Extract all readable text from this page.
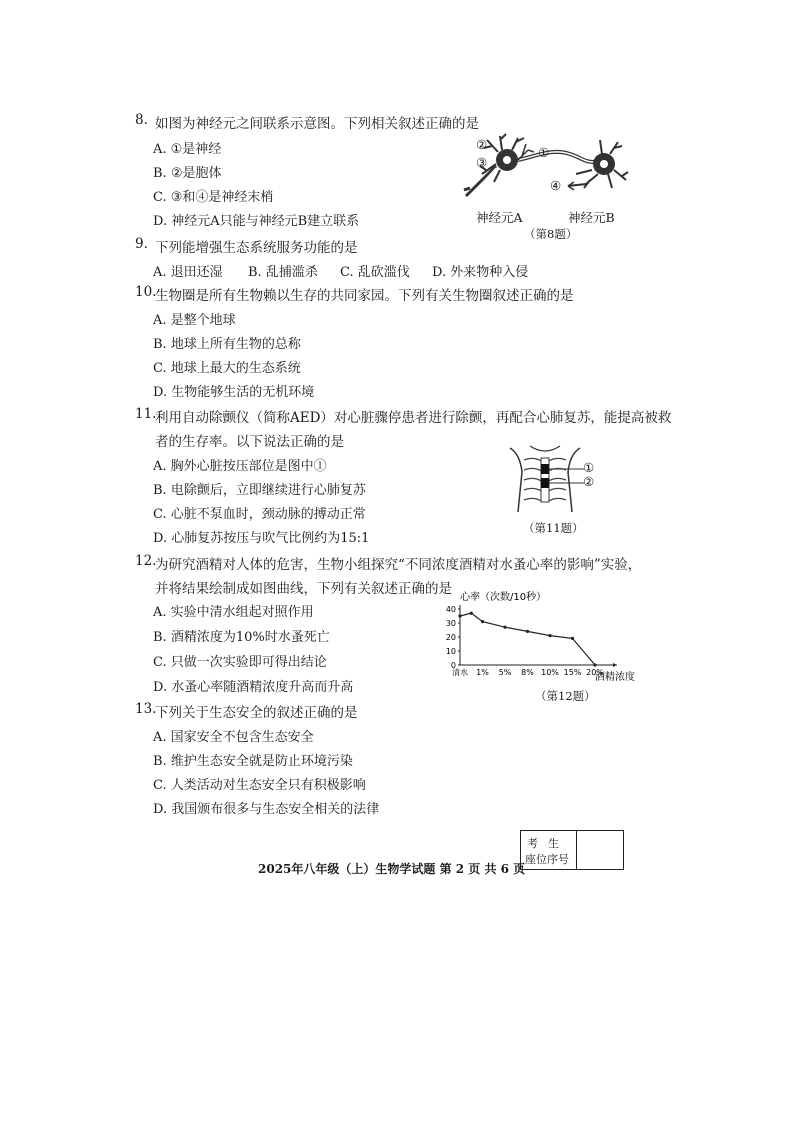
8. 如图为神经元之间联系示意图。下列相关叙述正确的是
A. ①是神经
B. ②是胞体
C. ③和④是神经末梢
D. 神经元A只能与神经元B建立联系
②
③
①
④
神经元A	神经元B
（第8题）
9. 下列能增强生态系统服务功能的是
A. 退田还湿 B. 乱捕滥杀 C. 乱砍滥伐 D. 外来物种入侵
10.
生物圈是所有生物赖以生存的共同家园。下列有关生物圈叙述正确的是
A. 是整个地球
B. 地球上所有生物的总称
C. 地球上最大的生态系统
D. 生物能够生活的无机环境
11.
利用自动除颤仪（简称AED）对心脏骤停患者进行除颤，再配合心肺复苏，能提高被救
者的生存率。以下说法正确的是
A. 胸外心脏按压部位是图中①
B. 电除颤后，立即继续进行心肺复苏
C. 心脏不泵血时，颈动脉的搏动正常
D. 心肺复苏按压与吹气比例约为15:1
①
②
（第11题）
12.
为研究酒精对人体的危害，生物小组探究“不同浓度酒精对水蚤心率的影响”实验，
并将结果绘制成如图曲线，下列有关叙述正确的是
A. 实验中清水组起对照作用
B. 酒精浓度为10%时水蚤死亡
C. 只做一次实验即可得出结论
D. 水蚤心率随酒精浓度升高而升高
心率（次数/10秒）
酒精浓度
0
10
20
30
40
清水 1% 5% 8% 10% 15% 20%
（第12题）
13.
下列关于生态安全的叙述正确的是
A. 国家安全不包含生态安全
B. 维护生态安全就是防止环境污染
C. 人类活动对生态安全只有积极影响
D. 我国颁布很多与生态安全相关的法律
考生
座位序号
2025年八年级（上）生物学试题 第 2 页 共 6 页
